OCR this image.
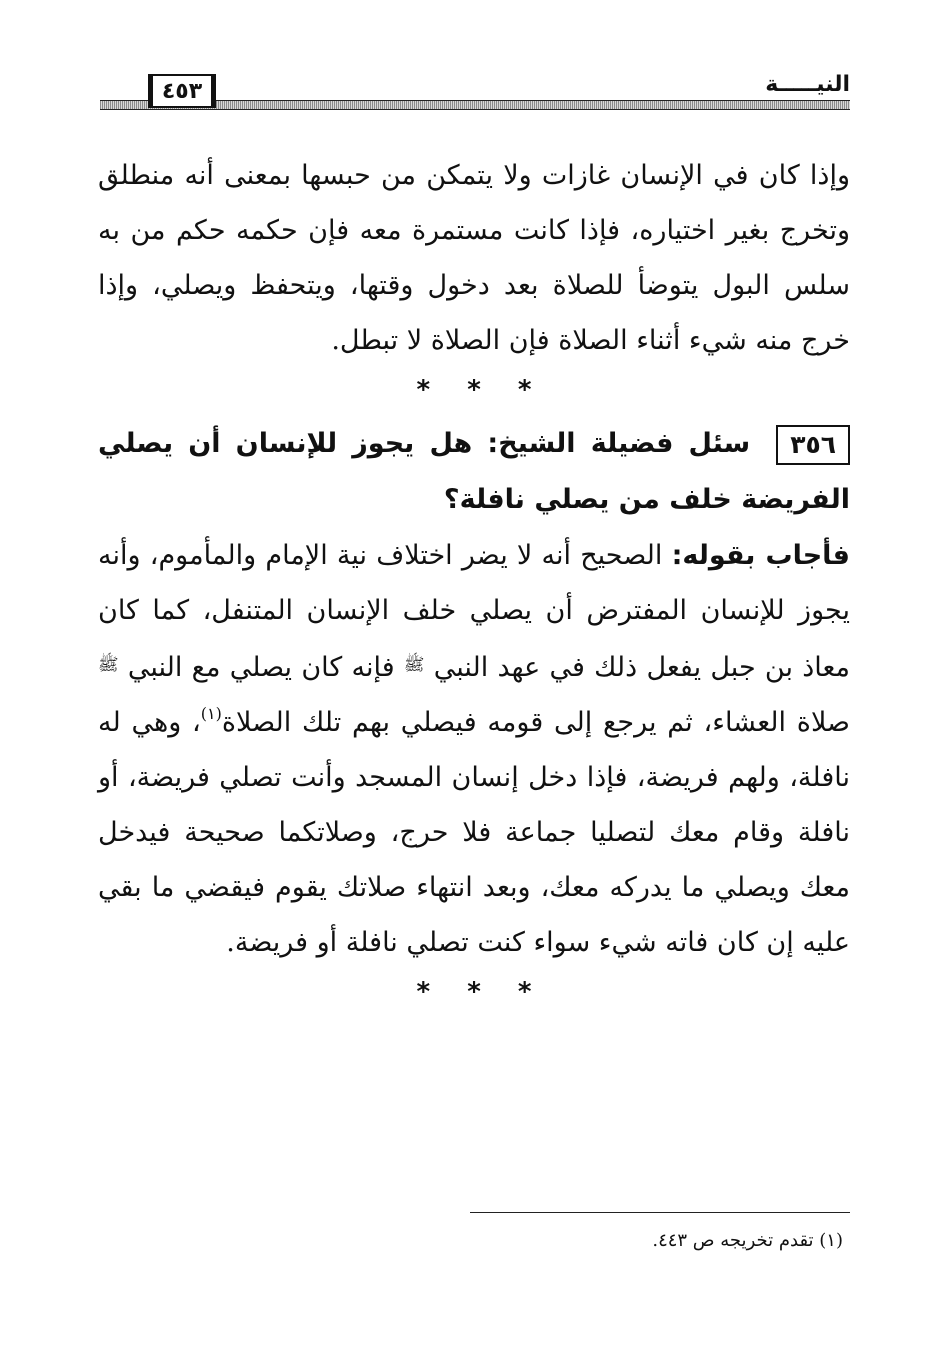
النيـــــة
٤٥٣

وإذا كان في الإنسان غازات ولا يتمكن من حبسها بمعنى أنه منطلق وتخرج بغير اختياره، فإذا كانت مستمرة معه فإن حكمه حكم من به سلس البول يتوضأ للصلاة بعد دخول وقتها، ويتحفظ ويصلي، وإذا خرج منه شيء أثناء الصلاة فإن الصلاة لا تبطل.

* * *

٣٥٦سئل فضيلة الشيخ: هل يجوز للإنسان أن يصلي الفريضة خلف من يصلي نافلة؟

فأجاب بقوله: الصحيح أنه لا يضر اختلاف نية الإمام والمأموم، وأنه يجوز للإنسان المفترض أن يصلي خلف الإنسان المتنفل، كما كان معاذ بن جبل يفعل ذلك في عهد النبي $^ﷺ$ فإنه كان يصلي مع النبي $^ﷺ$ صلاة العشاء، ثم يرجع إلى قومه فيصلي بهم تلك الصلاة$^{(١)}$، وهي له نافلة، ولهم فريضة، فإذا دخل إنسان المسجد وأنت تصلي فريضة، أو نافلة وقام معك لتصليا جماعة فلا حرج، وصلاتكما صحيحة فيدخل معك ويصلي ما يدركه معك، وبعد انتهاء صلاتك يقوم فيقضي ما بقي عليه إن كان فاته شيء سواء كنت تصلي نافلة أو فريضة.

* * *
(١) تقدم تخريجه ص ٤٤٣.
